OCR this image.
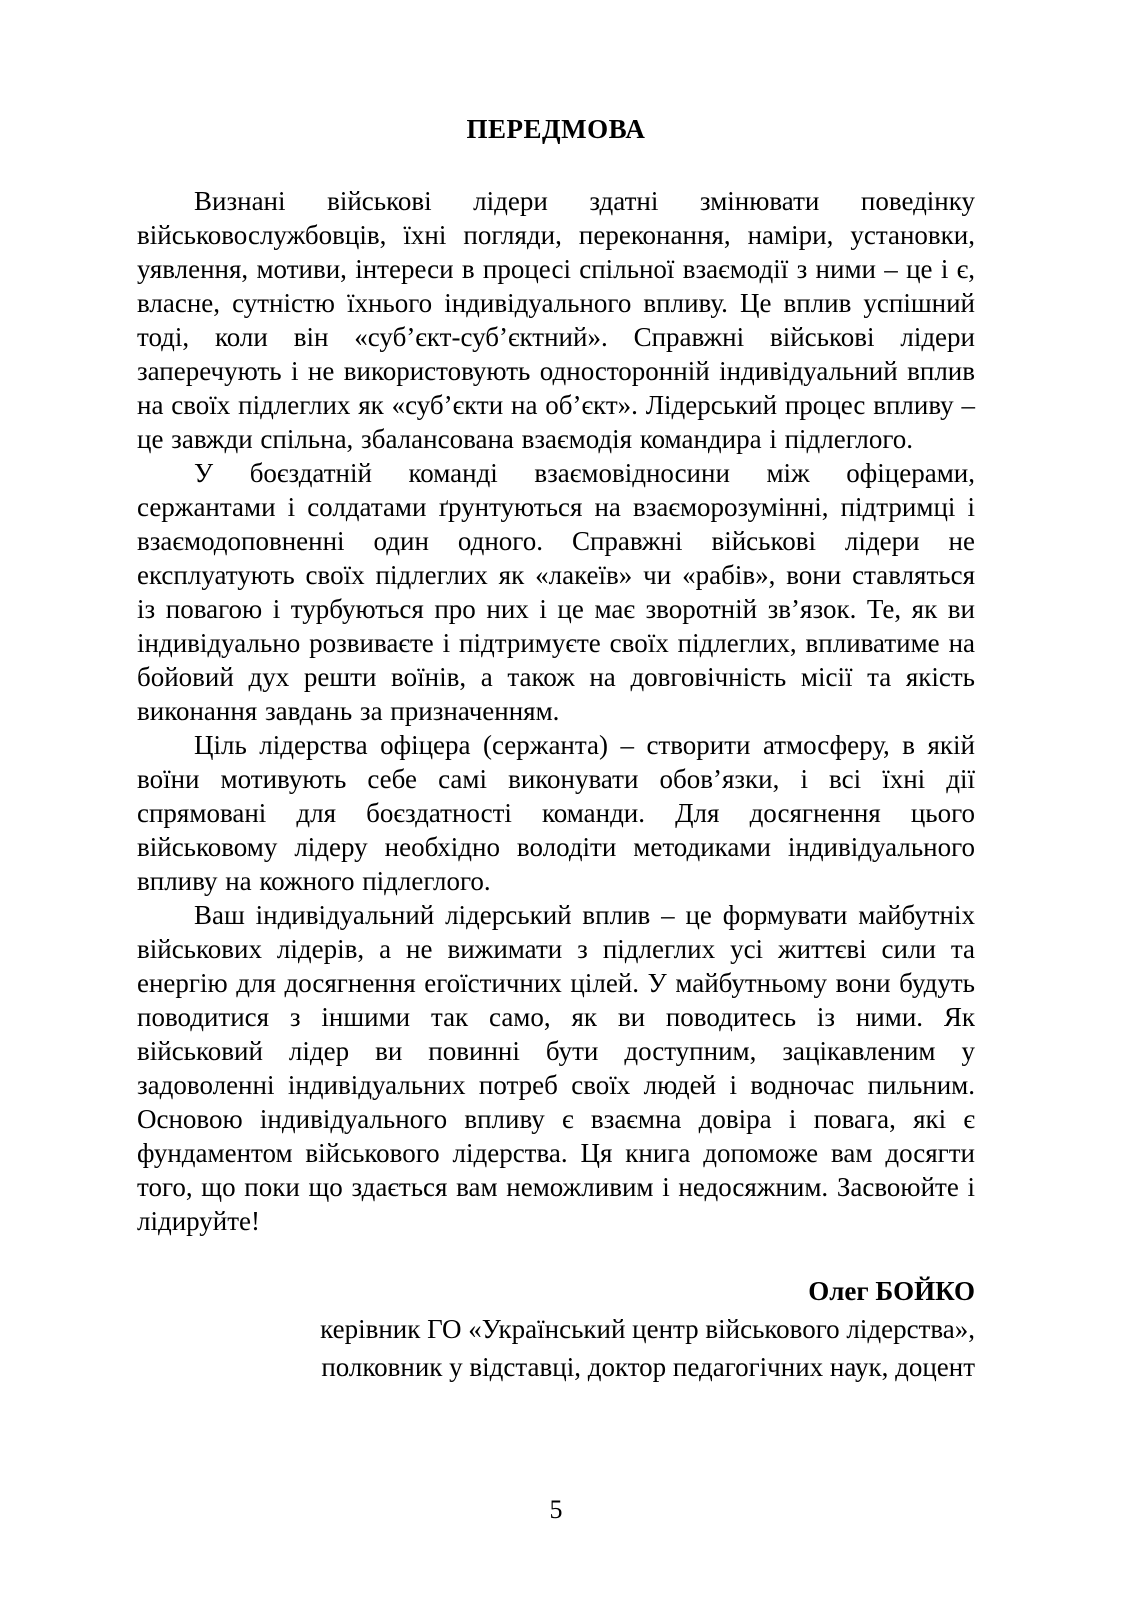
ПЕРЕДМОВА

Визнані військові лідери здатні змінювати поведінку військовослужбовців, їхні погляди, переконання, наміри, установки, уявлення, мотиви, інтереси в процесі спільної взаємодії з ними – це і є, власне, сутністю їхнього індивідуального впливу. Це вплив успішний тоді, коли він «суб’єкт-суб’єктний». Справжні військові лідери заперечують і не використовують односторонній індивідуальний вплив на своїх підлеглих як «суб’єкти на об’єкт». Лідерський процес впливу – це завжди спільна, збалансована взаємодія командира і підлеглого.

У боєздатній команді взаємовідносини між офіцерами, сержантами і солдатами ґрунтуються на взаєморозумінні, підтримці і взаємодоповненні один одного. Справжні військові лідери не експлуатують своїх підлеглих як «лакеїв» чи «рабів», вони ставляться із повагою і турбуються про них і це має зворотній зв’язок. Те, як ви індивідуально розвиваєте і підтримуєте своїх підлеглих, впливатиме на бойовий дух решти воїнів, а також на довговічність місії та якість виконання завдань за призначенням.

Ціль лідерства офіцера (сержанта) – створити атмосферу, в якій воїни мотивують себе самі виконувати обов’язки, і всі їхні дії спрямовані для боєздатності команди. Для досягнення цього військовому лідеру необхідно володіти методиками індивідуального впливу на кожного підлеглого.

Ваш індивідуальний лідерський вплив – це формувати майбутніх військових лідерів, а не вижимати з підлеглих усі життєві сили та енергію для досягнення егоїстичних цілей. У майбутньому вони будуть поводитися з іншими так само, як ви поводитесь із ними. Як військовий лідер ви повинні бути доступним, зацікавленим у задоволенні індивідуальних потреб своїх людей і водночас пильним. Основою індивідуального впливу є взаємна довіра і повага, які є фундаментом військового лідерства. Ця книга допоможе вам досягти того, що поки що здається вам неможливим і недосяжним. Засвоюйте і лідируйте!

Олег БОЙКО
керівник ГО «Український центр військового лідерства»,
полковник у відставці, доктор педагогічних наук, доцент
5
